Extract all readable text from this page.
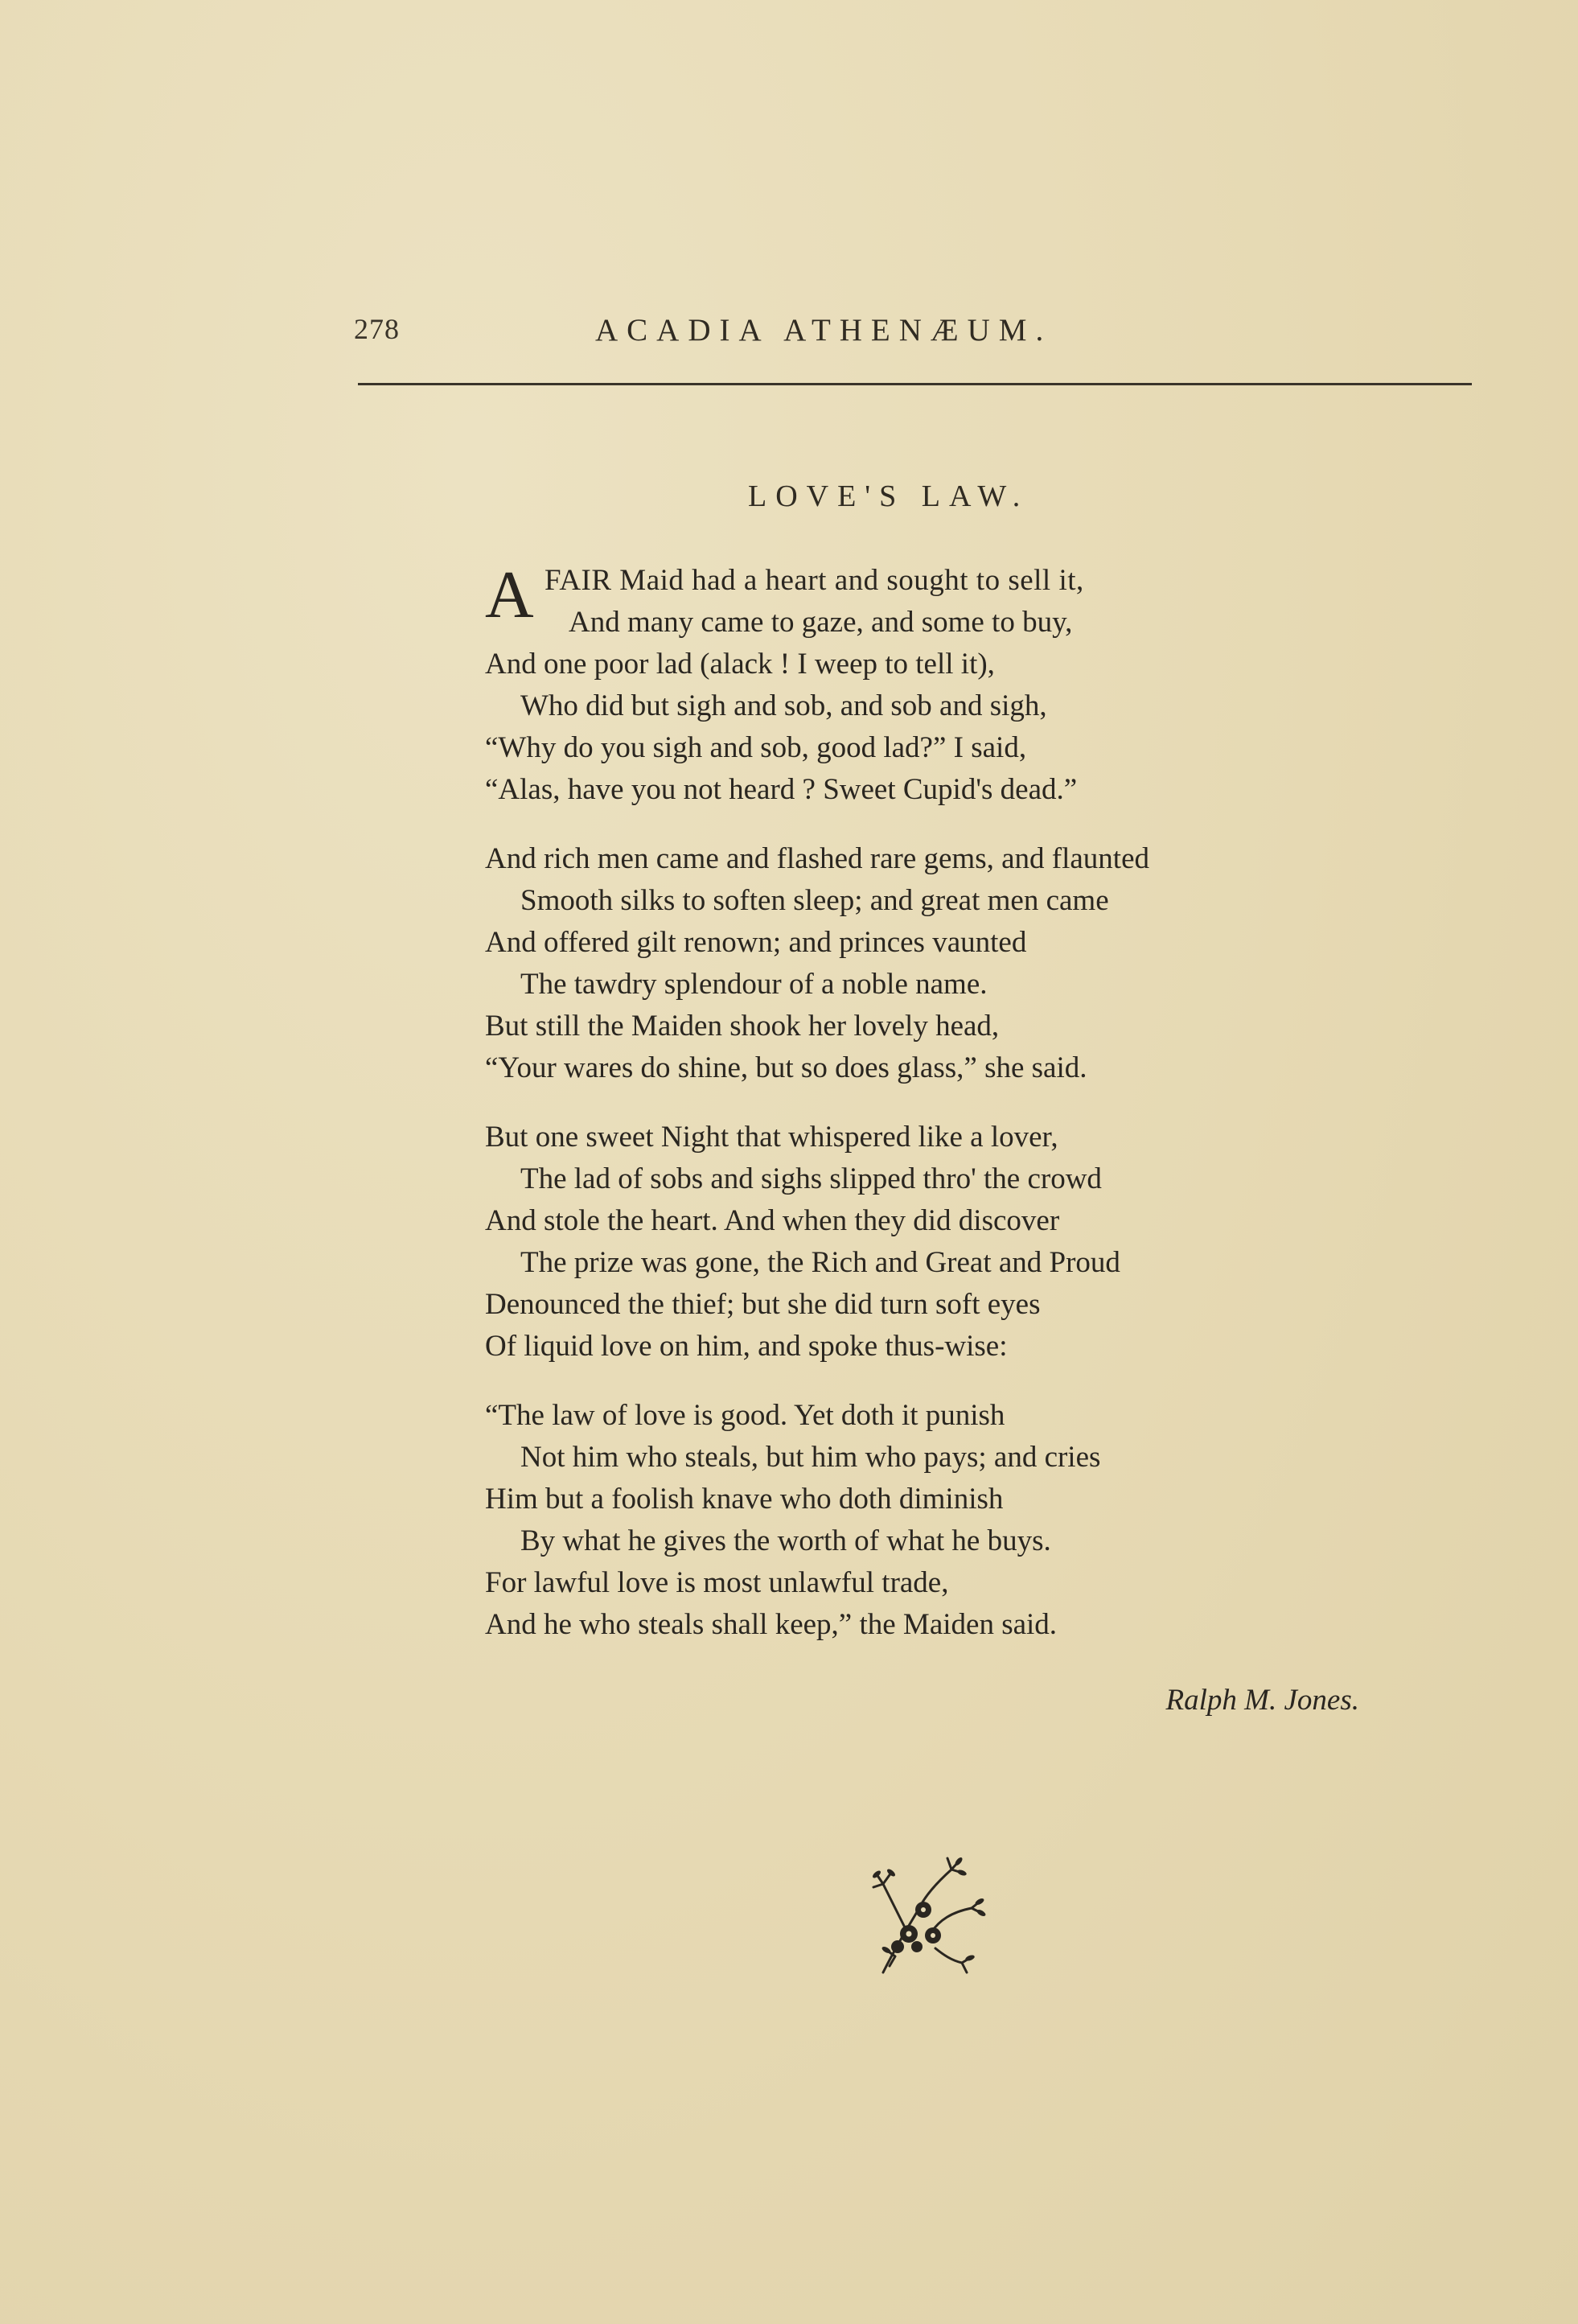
278	ACADIA ATHENÆUM.
LOVE'S LAW.
A FAIR Maid had a heart and sought to sell it,
And many came to gaze, and some to buy,
And one poor lad (alack ! I weep to tell it),
Who did but sigh and sob, and sob and sigh,
“Why do you sigh and sob, good lad?” I said,
“Alas, have you not heard ? Sweet Cupid's dead.”
And rich men came and flashed rare gems, and flaunted
Smooth silks to soften sleep; and great men came
And offered gilt renown; and princes vaunted
The tawdry splendour of a noble name.
But still the Maiden shook her lovely head,
“Your wares do shine, but so does glass,” she said.
But one sweet Night that whispered like a lover,
The lad of sobs and sighs slipped thro' the crowd
And stole the heart. And when they did discover
The prize was gone, the Rich and Great and Proud
Denounced the thief; but she did turn soft eyes
Of liquid love on him, and spoke thus-wise:
“The law of love is good. Yet doth it punish
Not him who steals, but him who pays; and cries
Him but a foolish knave who doth diminish
By what he gives the worth of what he buys.
For lawful love is most unlawful trade,
And he who steals shall keep,” the Maiden said.
Ralph M. Jones.
